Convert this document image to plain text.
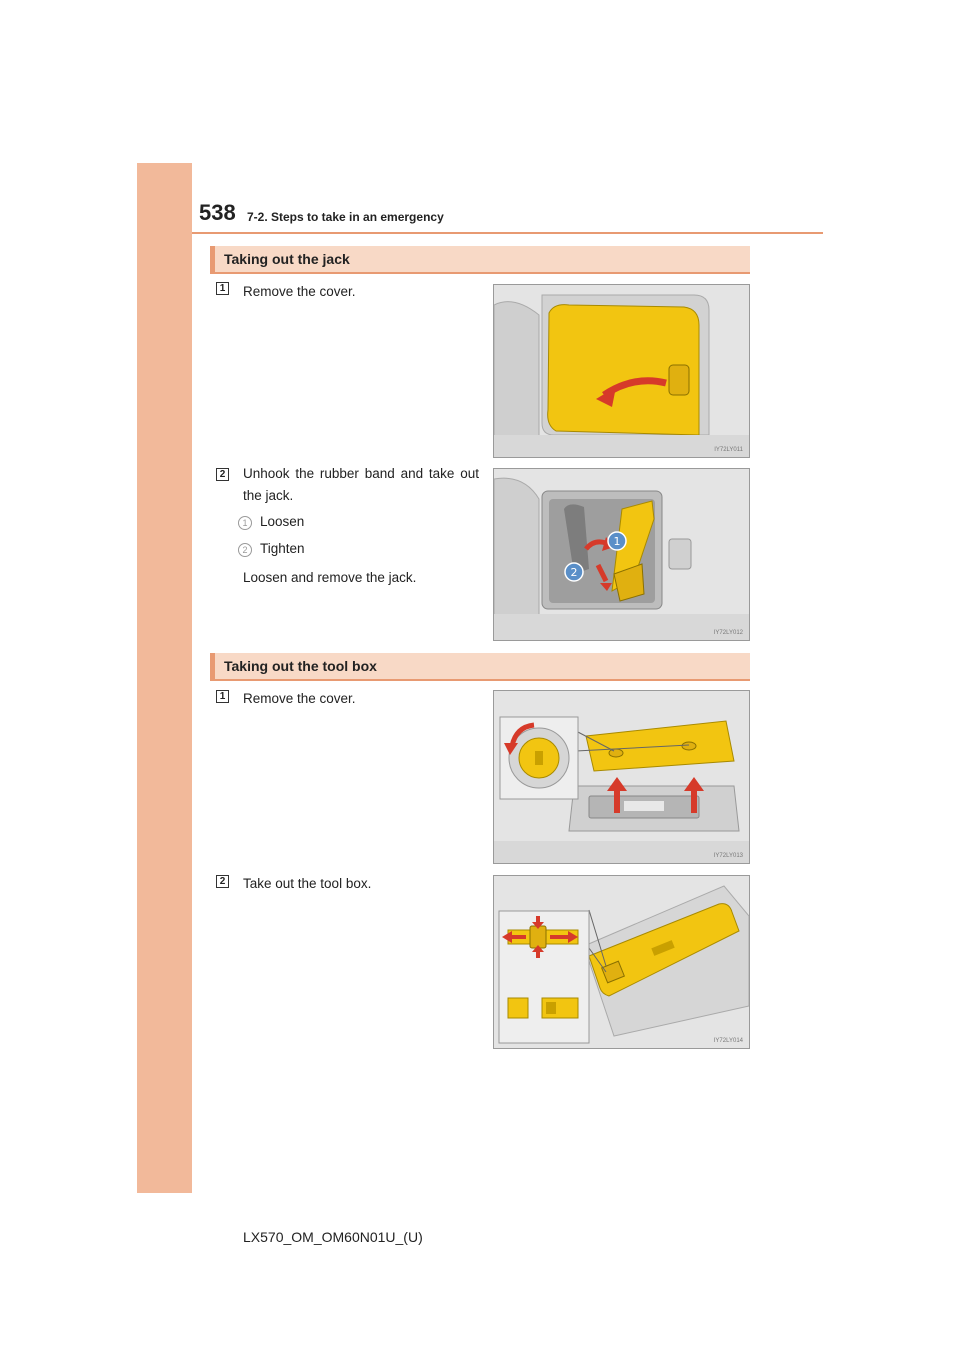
538 7-2. Steps to take in an emergency
Taking out the jack
1 Remove the cover.
IY72LY011
2 Unhook the rubber band and take out the jack.
1 Loosen
2 Tighten
Loosen and remove the jack.
1
2
IY72LY012
Taking out the tool box
1 Remove the cover.
IY72LY013
2 Take out the tool box.
IY72LY014
LX570_OM_OM60N01U_(U)
